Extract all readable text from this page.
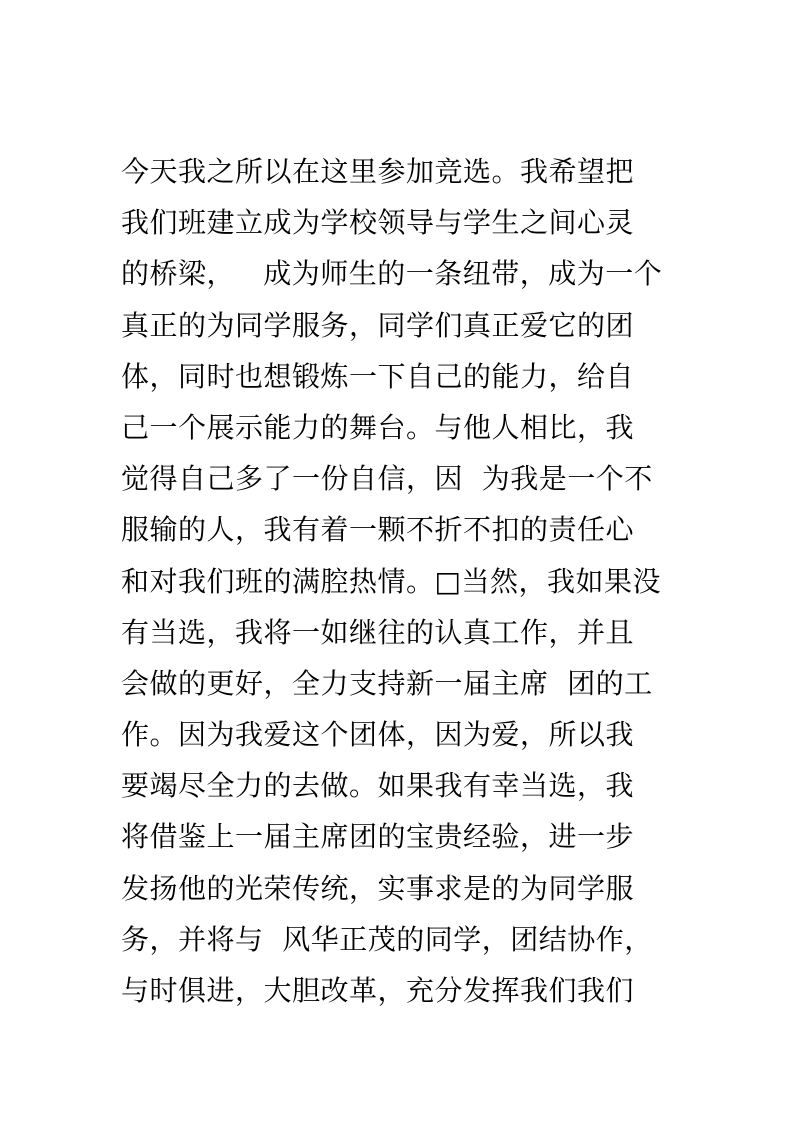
今天我之所以在这里参加竞选。我希望把
我们班建立成为学校领导与学生之间心灵
的桥梁，   成为师生的一条纽带，成为一个
真正的为同学服务，同学们真正爱它的团
体，同时也想锻炼一下自己的能力，给自
己一个展示能力的舞台。与他人相比，我
觉得自己多了一份自信，因  为我是一个不
服输的人，我有着一颗不折不扣的责任心
和对我们班的满腔热情。□当然，我如果没
有当选，我将一如继往的认真工作，并且
会做的更好，全力支持新一届主席  团的工
作。因为我爱这个团体，因为爱，所以我
要竭尽全力的去做。如果我有幸当选，我
将借鉴上一届主席团的宝贵经验，进一步
发扬他的光荣传统，实事求是的为同学服
务，并将与  风华正茂的同学，团结协作，
与时俱进，大胆改革，充分发挥我们我们
